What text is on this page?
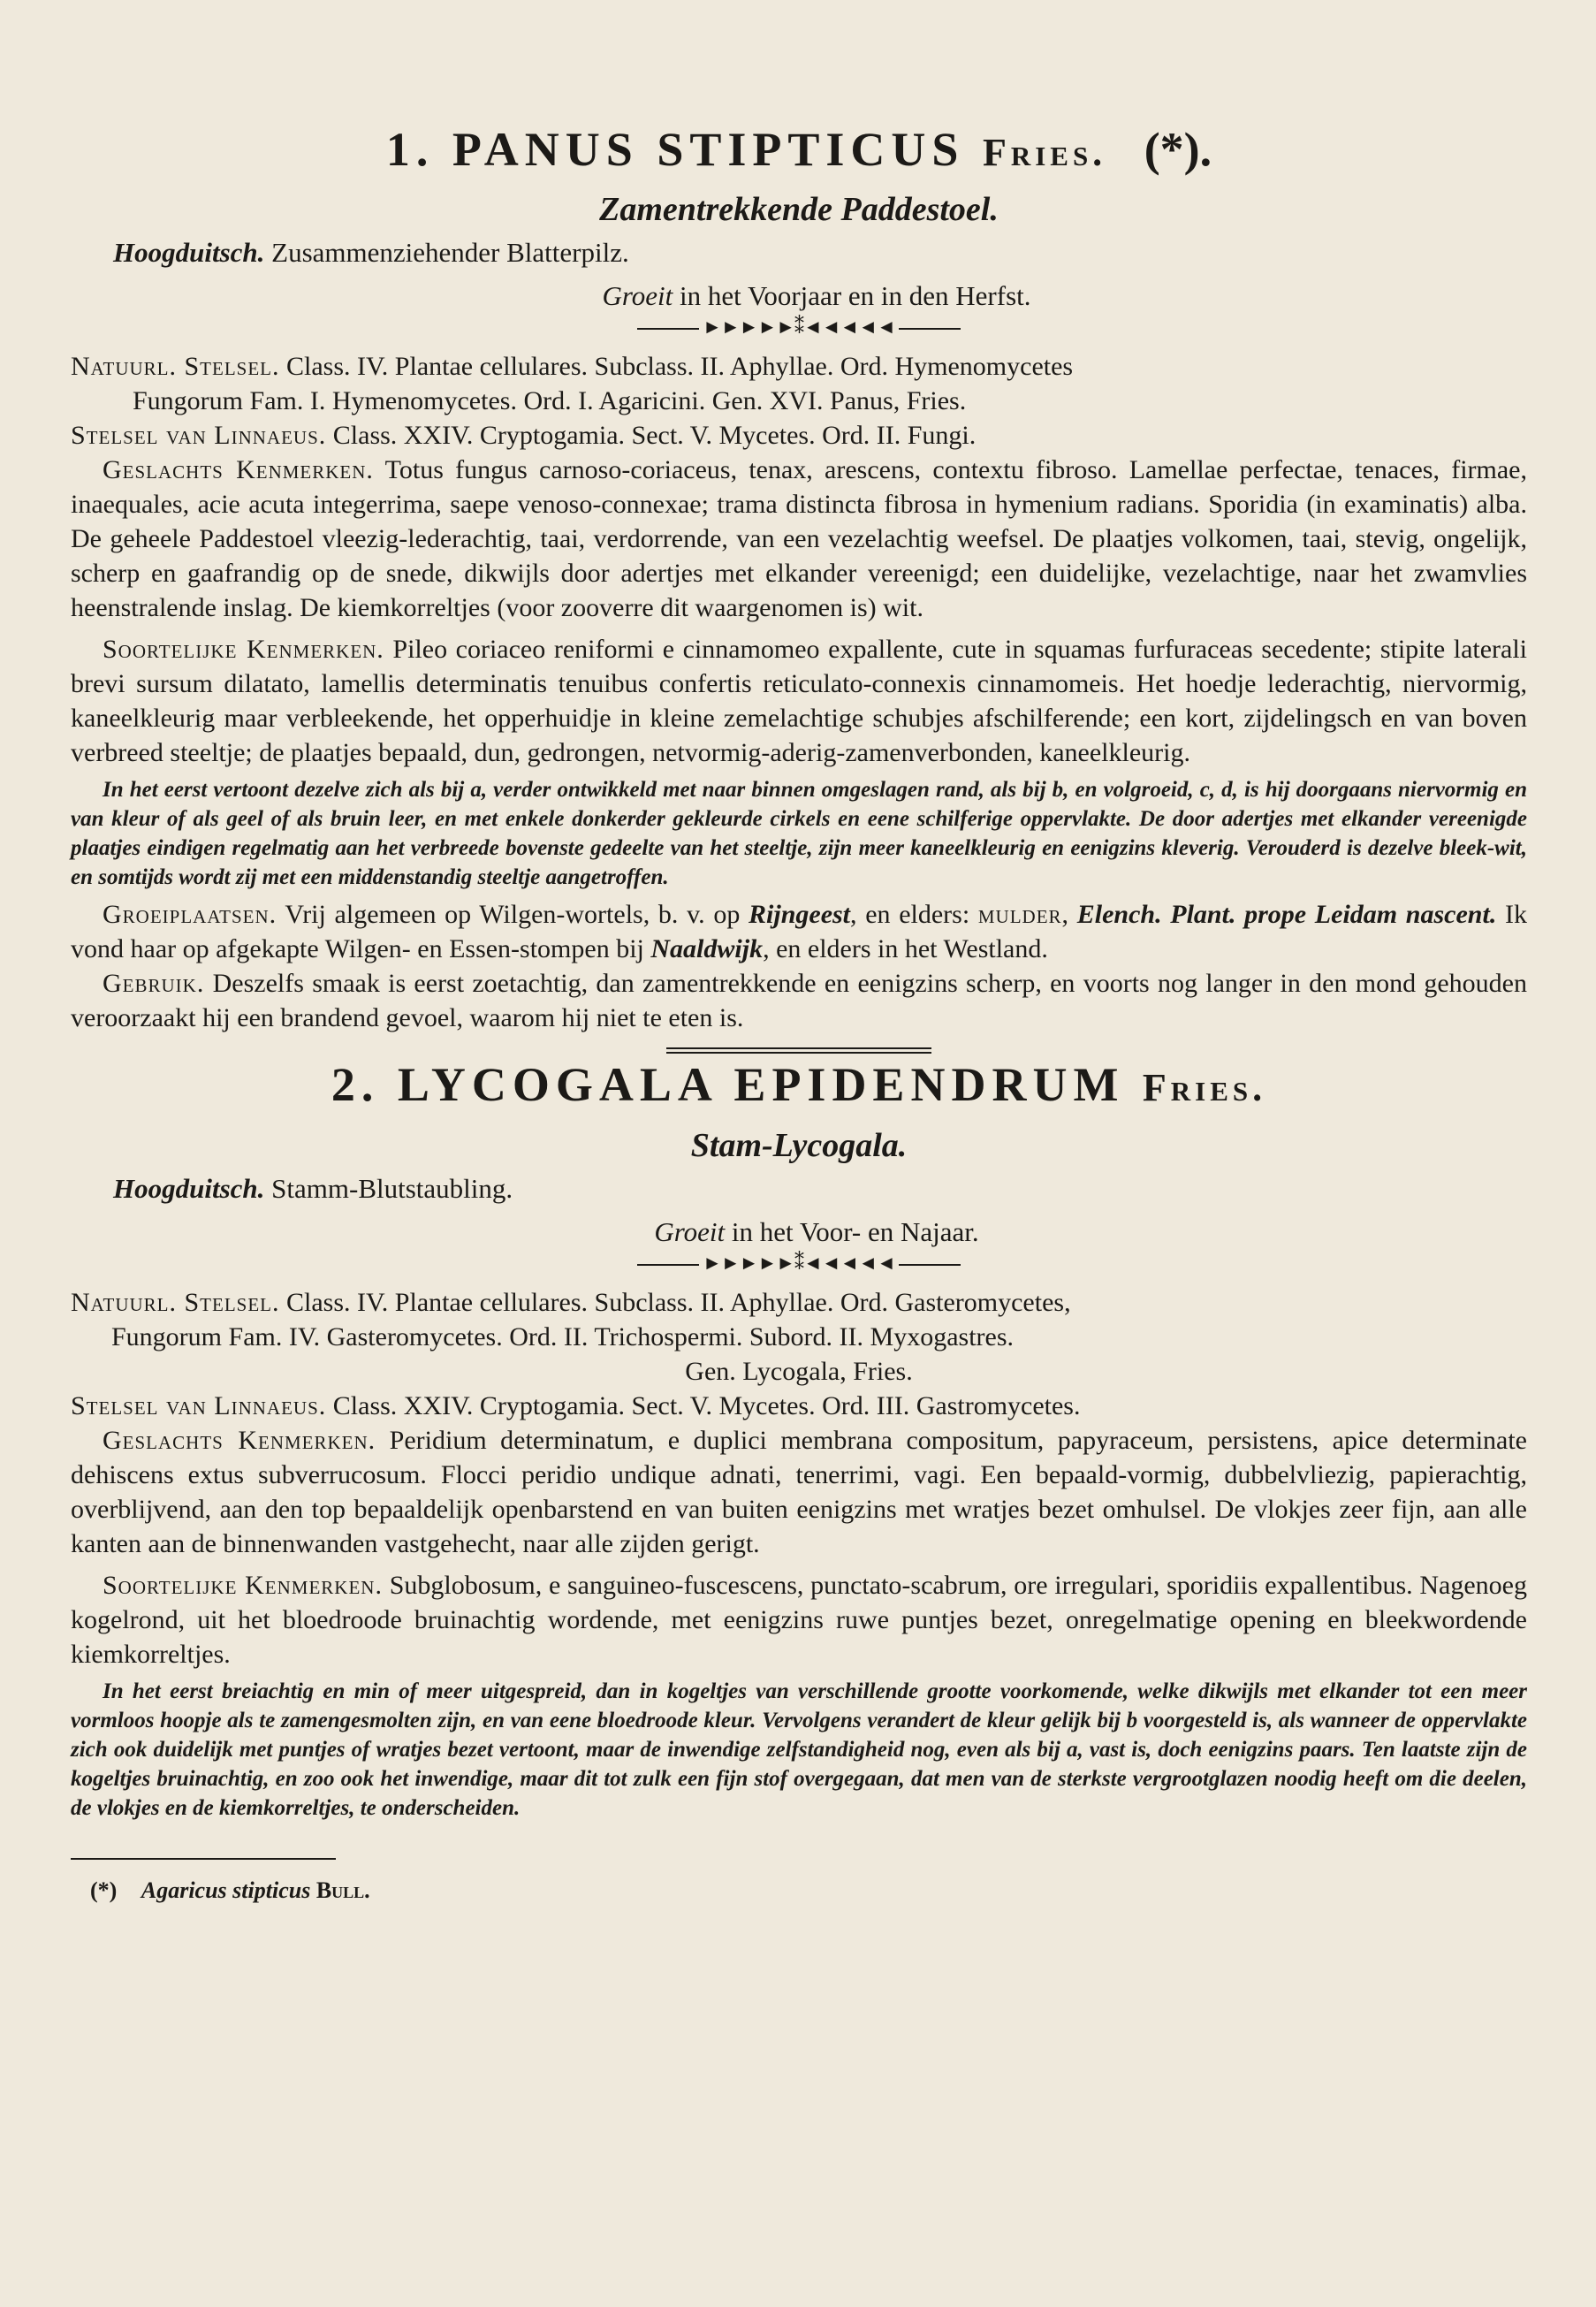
1. PANUS STIPTICUS Fries. (*).

Zamentrekkende Paddestoel.

Hoogduitsch. Zusammenziehender Blatterpilz.

Groeit in het Voorjaar en in den Herfst.

►►►►►⁑◄◄◄◄◄

Natuurl. Stelsel. Class. IV. Plantae cellulares. Subclass. II. Aphyllae. Ord. Hymenomycetes
Fungorum Fam. I. Hymenomycetes. Ord. I. Agaricini. Gen. XVI. Panus, Fries.

Stelsel van Linnaeus. Class. XXIV. Cryptogamia. Sect. V. Mycetes. Ord. II. Fungi.

Geslachts Kenmerken. Totus fungus carnoso-coriaceus, tenax, arescens, contextu fibroso. Lamellae perfectae, tenaces, firmae, inaequales, acie acuta integerrima, saepe venoso-connexae; trama distincta fibrosa in hymenium radians. Sporidia (in examinatis) alba. De geheele Paddestoel vleezig-lederachtig, taai, verdorrende, van een vezelachtig weefsel. De plaatjes volkomen, taai, stevig, ongelijk, scherp en gaafrandig op de snede, dikwijls door adertjes met elkander vereenigd; een duidelijke, vezelachtige, naar het zwamvlies heenstralende inslag. De kiemkorreltjes (voor zooverre dit waargenomen is) wit.

Soortelijke Kenmerken. Pileo coriaceo reniformi e cinnamomeo expallente, cute in squamas furfuraceas secedente; stipite laterali brevi sursum dilatato, lamellis determinatis tenuibus confertis reticulato-connexis cinnamomeis. Het hoedje lederachtig, niervormig, kaneelkleurig maar verbleekende, het opperhuidje in kleine zemelachtige schubjes afschilferende; een kort, zijdelingsch en van boven verbreed steeltje; de plaatjes bepaald, dun, gedrongen, netvormig-aderig-zamenverbonden, kaneelkleurig.

In het eerst vertoont dezelve zich als bij a, verder ontwikkeld met naar binnen omgeslagen rand, als bij b, en volgroeid, c, d, is hij doorgaans niervormig en van kleur of als geel of als bruin leer, en met enkele donkerder gekleurde cirkels en eene schilferige oppervlakte. De door adertjes met elkander vereenigde plaatjes eindigen regelmatig aan het verbreede bovenste gedeelte van het steeltje, zijn meer kaneelkleurig en eenigzins kleverig. Verouderd is dezelve bleek-wit, en somtijds wordt zij met een middenstandig steeltje aangetroffen.

Groeiplaatsen. Vrij algemeen op Wilgen-wortels, b. v. op Rijngeest, en elders: mulder, Elench. Plant. prope Leidam nascent. Ik vond haar op afgekapte Wilgen- en Essen-stompen bij Naaldwijk, en elders in het Westland.

Gebruik. Deszelfs smaak is eerst zoetachtig, dan zamentrekkende en eenigzins scherp, en voorts nog langer in den mond gehouden veroorzaakt hij een brandend gevoel, waarom hij niet te eten is.

2. LYCOGALA EPIDENDRUM Fries.

Stam-Lycogala.

Hoogduitsch. Stamm-Blutstaubling.

Groeit in het Voor- en Najaar.

►►►►►⁑◄◄◄◄◄

Natuurl. Stelsel. Class. IV. Plantae cellulares. Subclass. II. Aphyllae. Ord. Gasteromycetes,
Fungorum Fam. IV. Gasteromycetes. Ord. II. Trichospermi. Subord. II. Myxogastres.

Gen. Lycogala, Fries.

Stelsel van Linnaeus. Class. XXIV. Cryptogamia. Sect. V. Mycetes. Ord. III. Gastromycetes.

Geslachts Kenmerken. Peridium determinatum, e duplici membrana compositum, papyraceum, persistens, apice determinate dehiscens extus subverrucosum. Flocci peridio undique adnati, tenerrimi, vagi. Een bepaald-vormig, dubbelvliezig, papierachtig, overblijvend, aan den top bepaaldelijk openbarstend en van buiten eenigzins met wratjes bezet omhulsel. De vlokjes zeer fijn, aan alle kanten aan de binnenwanden vastgehecht, naar alle zijden gerigt.

Soortelijke Kenmerken. Subglobosum, e sanguineo-fuscescens, punctato-scabrum, ore irregulari, sporidiis expallentibus. Nagenoeg kogelrond, uit het bloedroode bruinachtig wordende, met eenigzins ruwe puntjes bezet, onregelmatige opening en bleekwordende kiemkorreltjes.

In het eerst breiachtig en min of meer uitgespreid, dan in kogeltjes van verschillende grootte voorkomende, welke dikwijls met elkander tot een meer vormloos hoopje als te zamengesmolten zijn, en van eene bloedroode kleur. Vervolgens verandert de kleur gelijk bij b voorgesteld is, als wanneer de oppervlakte zich ook duidelijk met puntjes of wratjes bezet vertoont, maar de inwendige zelfstandigheid nog, even als bij a, vast is, doch eenigzins paars. Ten laatste zijn de kogeltjes bruinachtig, en zoo ook het inwendige, maar dit tot zulk een fijn stof overgegaan, dat men van de sterkste vergrootglazen noodig heeft om die deelen, de vlokjes en de kiemkorreltjes, te onderscheiden.

(*) Agaricus stipticus Bull.
